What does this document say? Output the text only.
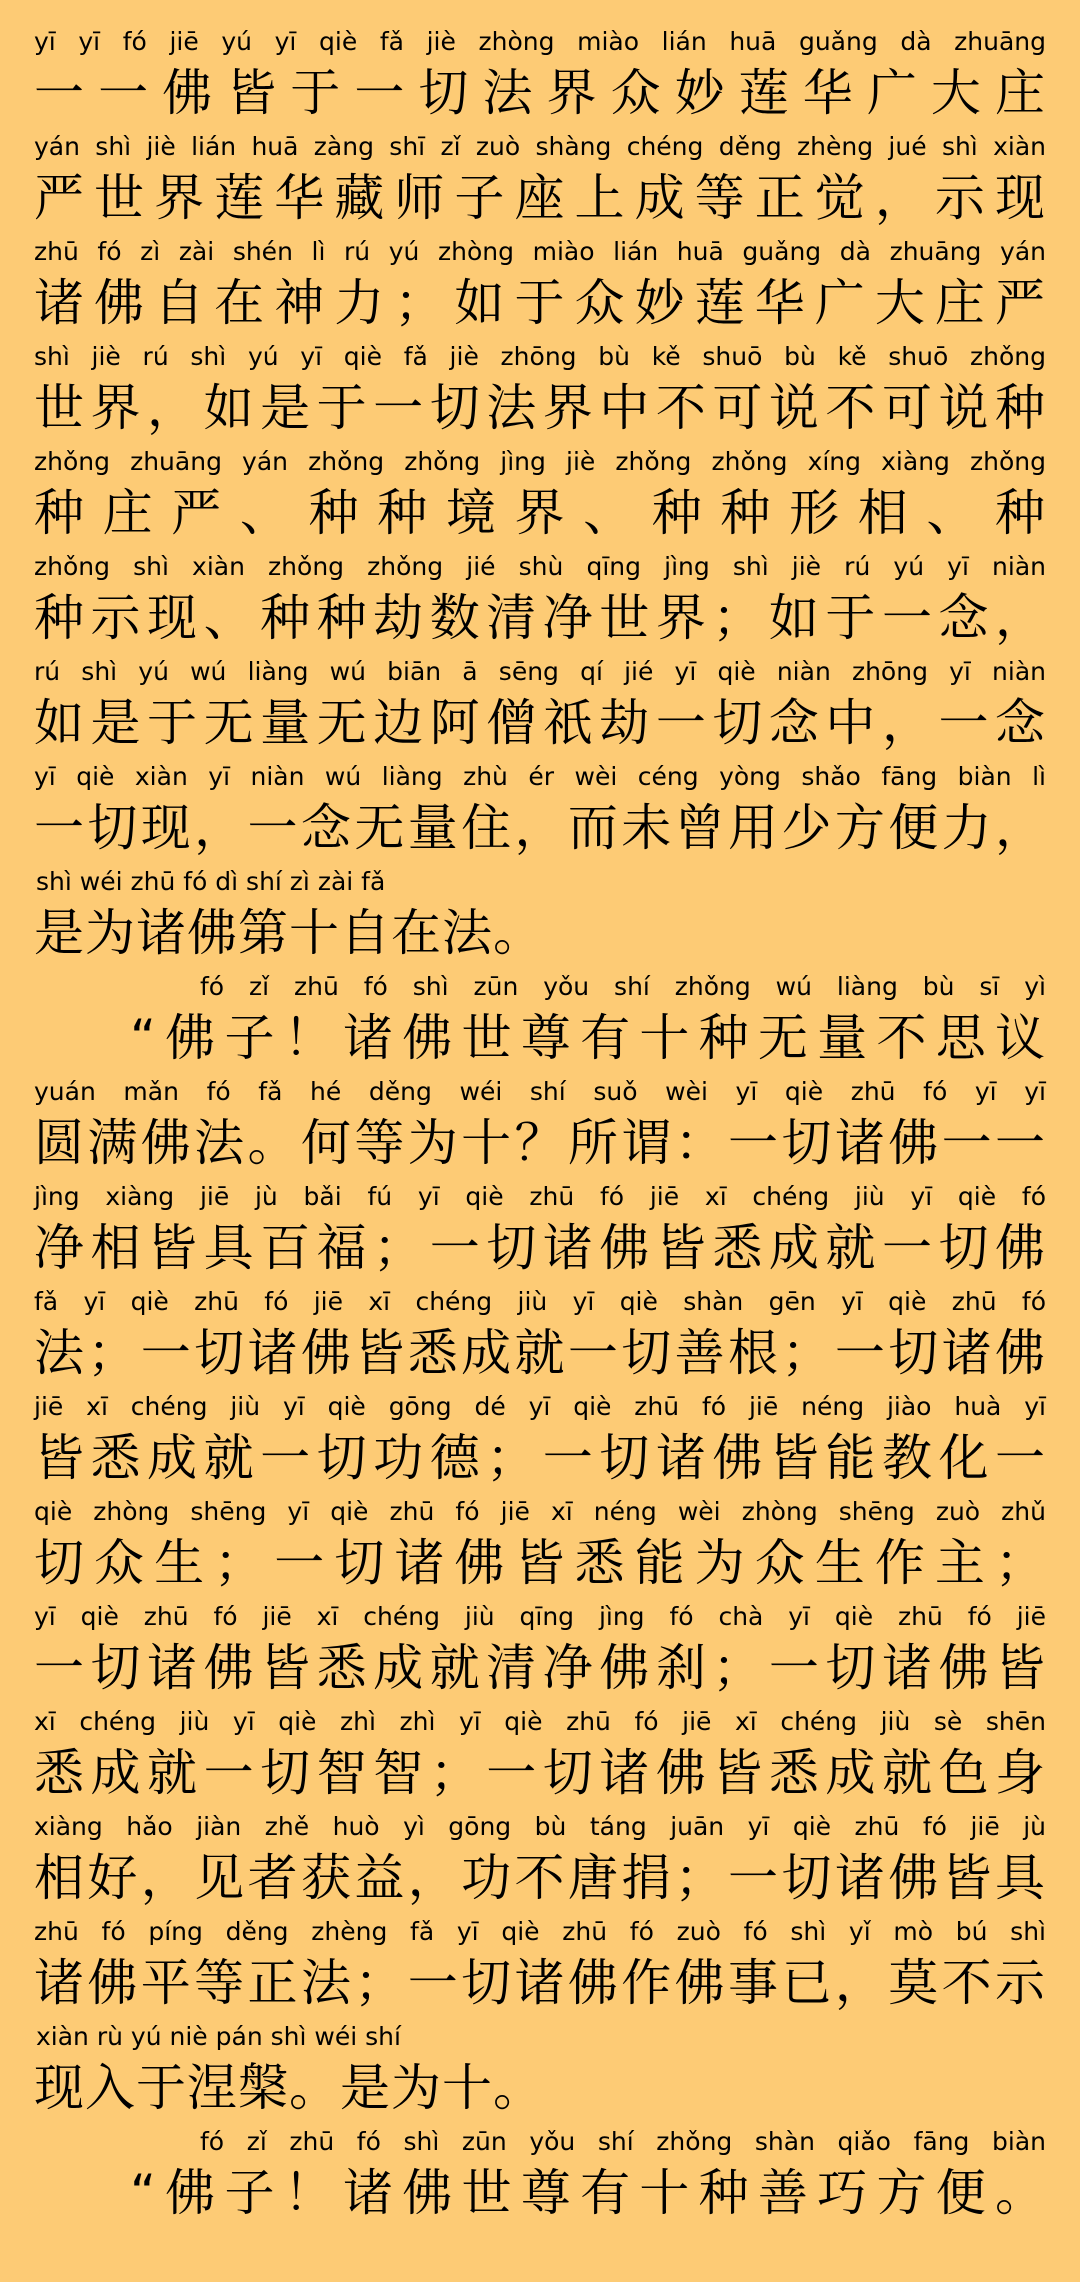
yī yī fó jiē yú yī qiè fǎ jiè zhòng miào lián huā guǎng dà zhuāng
一一佛皆于一切法界众妙莲华广大庄
yán shì jiè lián huā zàng shī zǐ zuò shàng chéng děng zhèng jué shì xiàn
严世界莲华藏师子座上成等正觉，示现
zhū fó zì zài shén lì rú yú zhòng miào lián huā guǎng dà zhuāng yán
诸佛自在神力；如于众妙莲华广大庄严
shì jiè rú shì yú yī qiè fǎ jiè zhōng bù kě shuō bù kě shuō zhǒng
世界，如是于一切法界中不可说不可说种
zhǒng zhuāng yán zhǒng zhǒng jìng jiè zhǒng zhǒng xíng xiàng zhǒng
种庄严、种种境界、种种形相、种
zhǒng shì xiàn zhǒng zhǒng jié shù qīng jìng shì jiè rú yú yī niàn
种示现、种种劫数清净世界；如于一念，
rú shì yú wú liàng wú biān ā sēng qí jié yī qiè niàn zhōng yī niàn
如是于无量无边阿僧祇劫一切念中，一念
yī qiè xiàn yī niàn wú liàng zhù ér wèi céng yòng shǎo fāng biàn lì
一切现，一念无量住，而未曾用少方便力，
shì wéi zhū fó dì shí zì zài fǎ
是为诸佛第十自在法。
fó zǐ zhū fó shì zūn yǒu shí zhǒng wú liàng bù sī yì
“佛子！诸佛世尊有十种无量不思议
yuán mǎn fó fǎ hé děng wéi shí suǒ wèi yī qiè zhū fó yī yī
圆满佛法。何等为十？所谓：一切诸佛一一
jìng xiàng jiē jù bǎi fú yī qiè zhū fó jiē xī chéng jiù yī qiè fó
净相皆具百福；一切诸佛皆悉成就一切佛
fǎ yī qiè zhū fó jiē xī chéng jiù yī qiè shàn gēn yī qiè zhū fó
法；一切诸佛皆悉成就一切善根；一切诸佛
jiē xī chéng jiù yī qiè gōng dé yī qiè zhū fó jiē néng jiào huà yī
皆悉成就一切功德；一切诸佛皆能教化一
qiè zhòng shēng yī qiè zhū fó jiē xī néng wèi zhòng shēng zuò zhǔ
切众生；一切诸佛皆悉能为众生作主；
yī qiè zhū fó jiē xī chéng jiù qīng jìng fó chà yī qiè zhū fó jiē
一切诸佛皆悉成就清净佛刹；一切诸佛皆
xī chéng jiù yī qiè zhì zhì yī qiè zhū fó jiē xī chéng jiù sè shēn
悉成就一切智智；一切诸佛皆悉成就色身
xiàng hǎo jiàn zhě huò yì gōng bù táng juān yī qiè zhū fó jiē jù
相好，见者获益，功不唐捐；一切诸佛皆具
zhū fó píng děng zhèng fǎ yī qiè zhū fó zuò fó shì yǐ mò bú shì
诸佛平等正法；一切诸佛作佛事已，莫不示
xiàn rù yú niè pán shì wéi shí
现入于涅槃。是为十。
fó zǐ zhū fó shì zūn yǒu shí zhǒng shàn qiǎo fāng biàn
“佛子！诸佛世尊有十种善巧方便。
